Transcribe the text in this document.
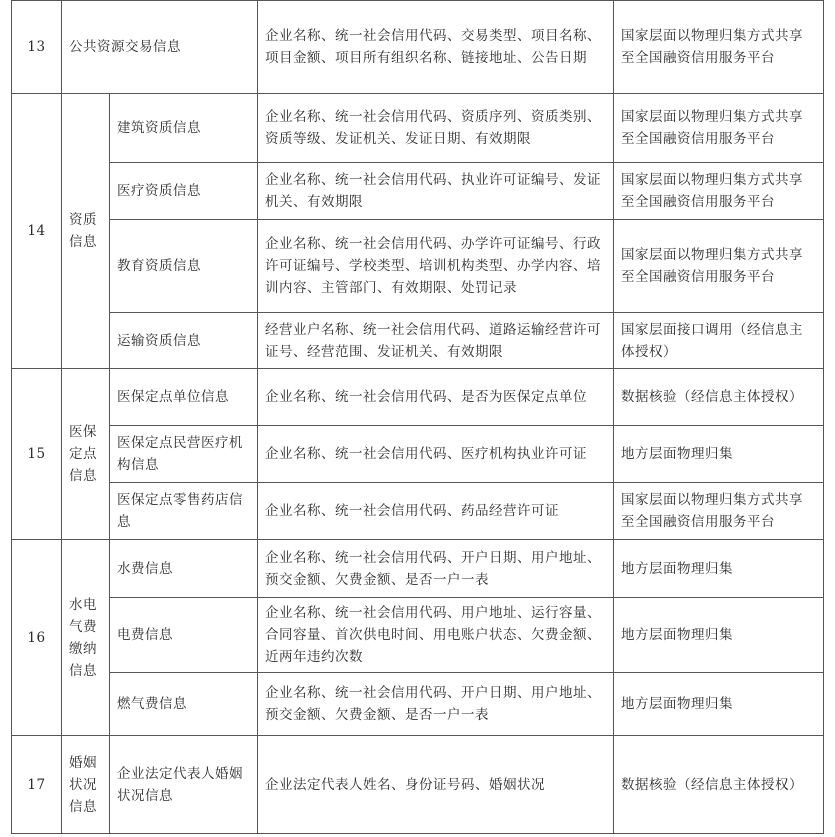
13	公共资源交易信息		企业名称、统一社会信用代码、交易类型、项目名称、项目金额、项目所有组织名称、链接地址、公告日期	国家层面以物理归集方式共享至全国融资信用服务平台
14	资质信息	建筑资质信息	企业名称、统一社会信用代码、资质序列、资质类别、资质等级、发证机关、发证日期、有效期限	国家层面以物理归集方式共享至全国融资信用服务平台
		医疗资质信息	企业名称、统一社会信用代码、执业许可证编号、发证机关、有效期限	国家层面以物理归集方式共享至全国融资信用服务平台
		教育资质信息	企业名称、统一社会信用代码、办学许可证编号、行政许可证编号、学校类型、培训机构类型、办学内容、培训内容、主管部门、有效期限、处罚记录	国家层面以物理归集方式共享至全国融资信用服务平台
		运输资质信息	经营业户名称、统一社会信用代码、道路运输经营许可证号、经营范围、发证机关、有效期限	国家层面接口调用（经信息主体授权）
15	医保定点信息	医保定点单位信息	企业名称、统一社会信用代码、是否为医保定点单位	数据核验（经信息主体授权）
		医保定点民营医疗机构信息	企业名称、统一社会信用代码、医疗机构执业许可证	地方层面物理归集
		医保定点零售药店信息	企业名称、统一社会信用代码、药品经营许可证	国家层面以物理归集方式共享至全国融资信用服务平台
16	水电气费缴纳信息	水费信息	企业名称、统一社会信用代码、开户日期、用户地址、预交金额、欠费金额、是否一户一表	地方层面物理归集
		电费信息	企业名称、统一社会信用代码、用户地址、运行容量、合同容量、首次供电时间、用电账户状态、欠费金额、近两年违约次数	地方层面物理归集
		燃气费信息	企业名称、统一社会信用代码、开户日期、用户地址、预交金额、欠费金额、是否一户一表	地方层面物理归集
17	婚姻状况信息	企业法定代表人婚姻状况信息	企业法定代表人姓名、身份证号码、婚姻状况	数据核验（经信息主体授权）
